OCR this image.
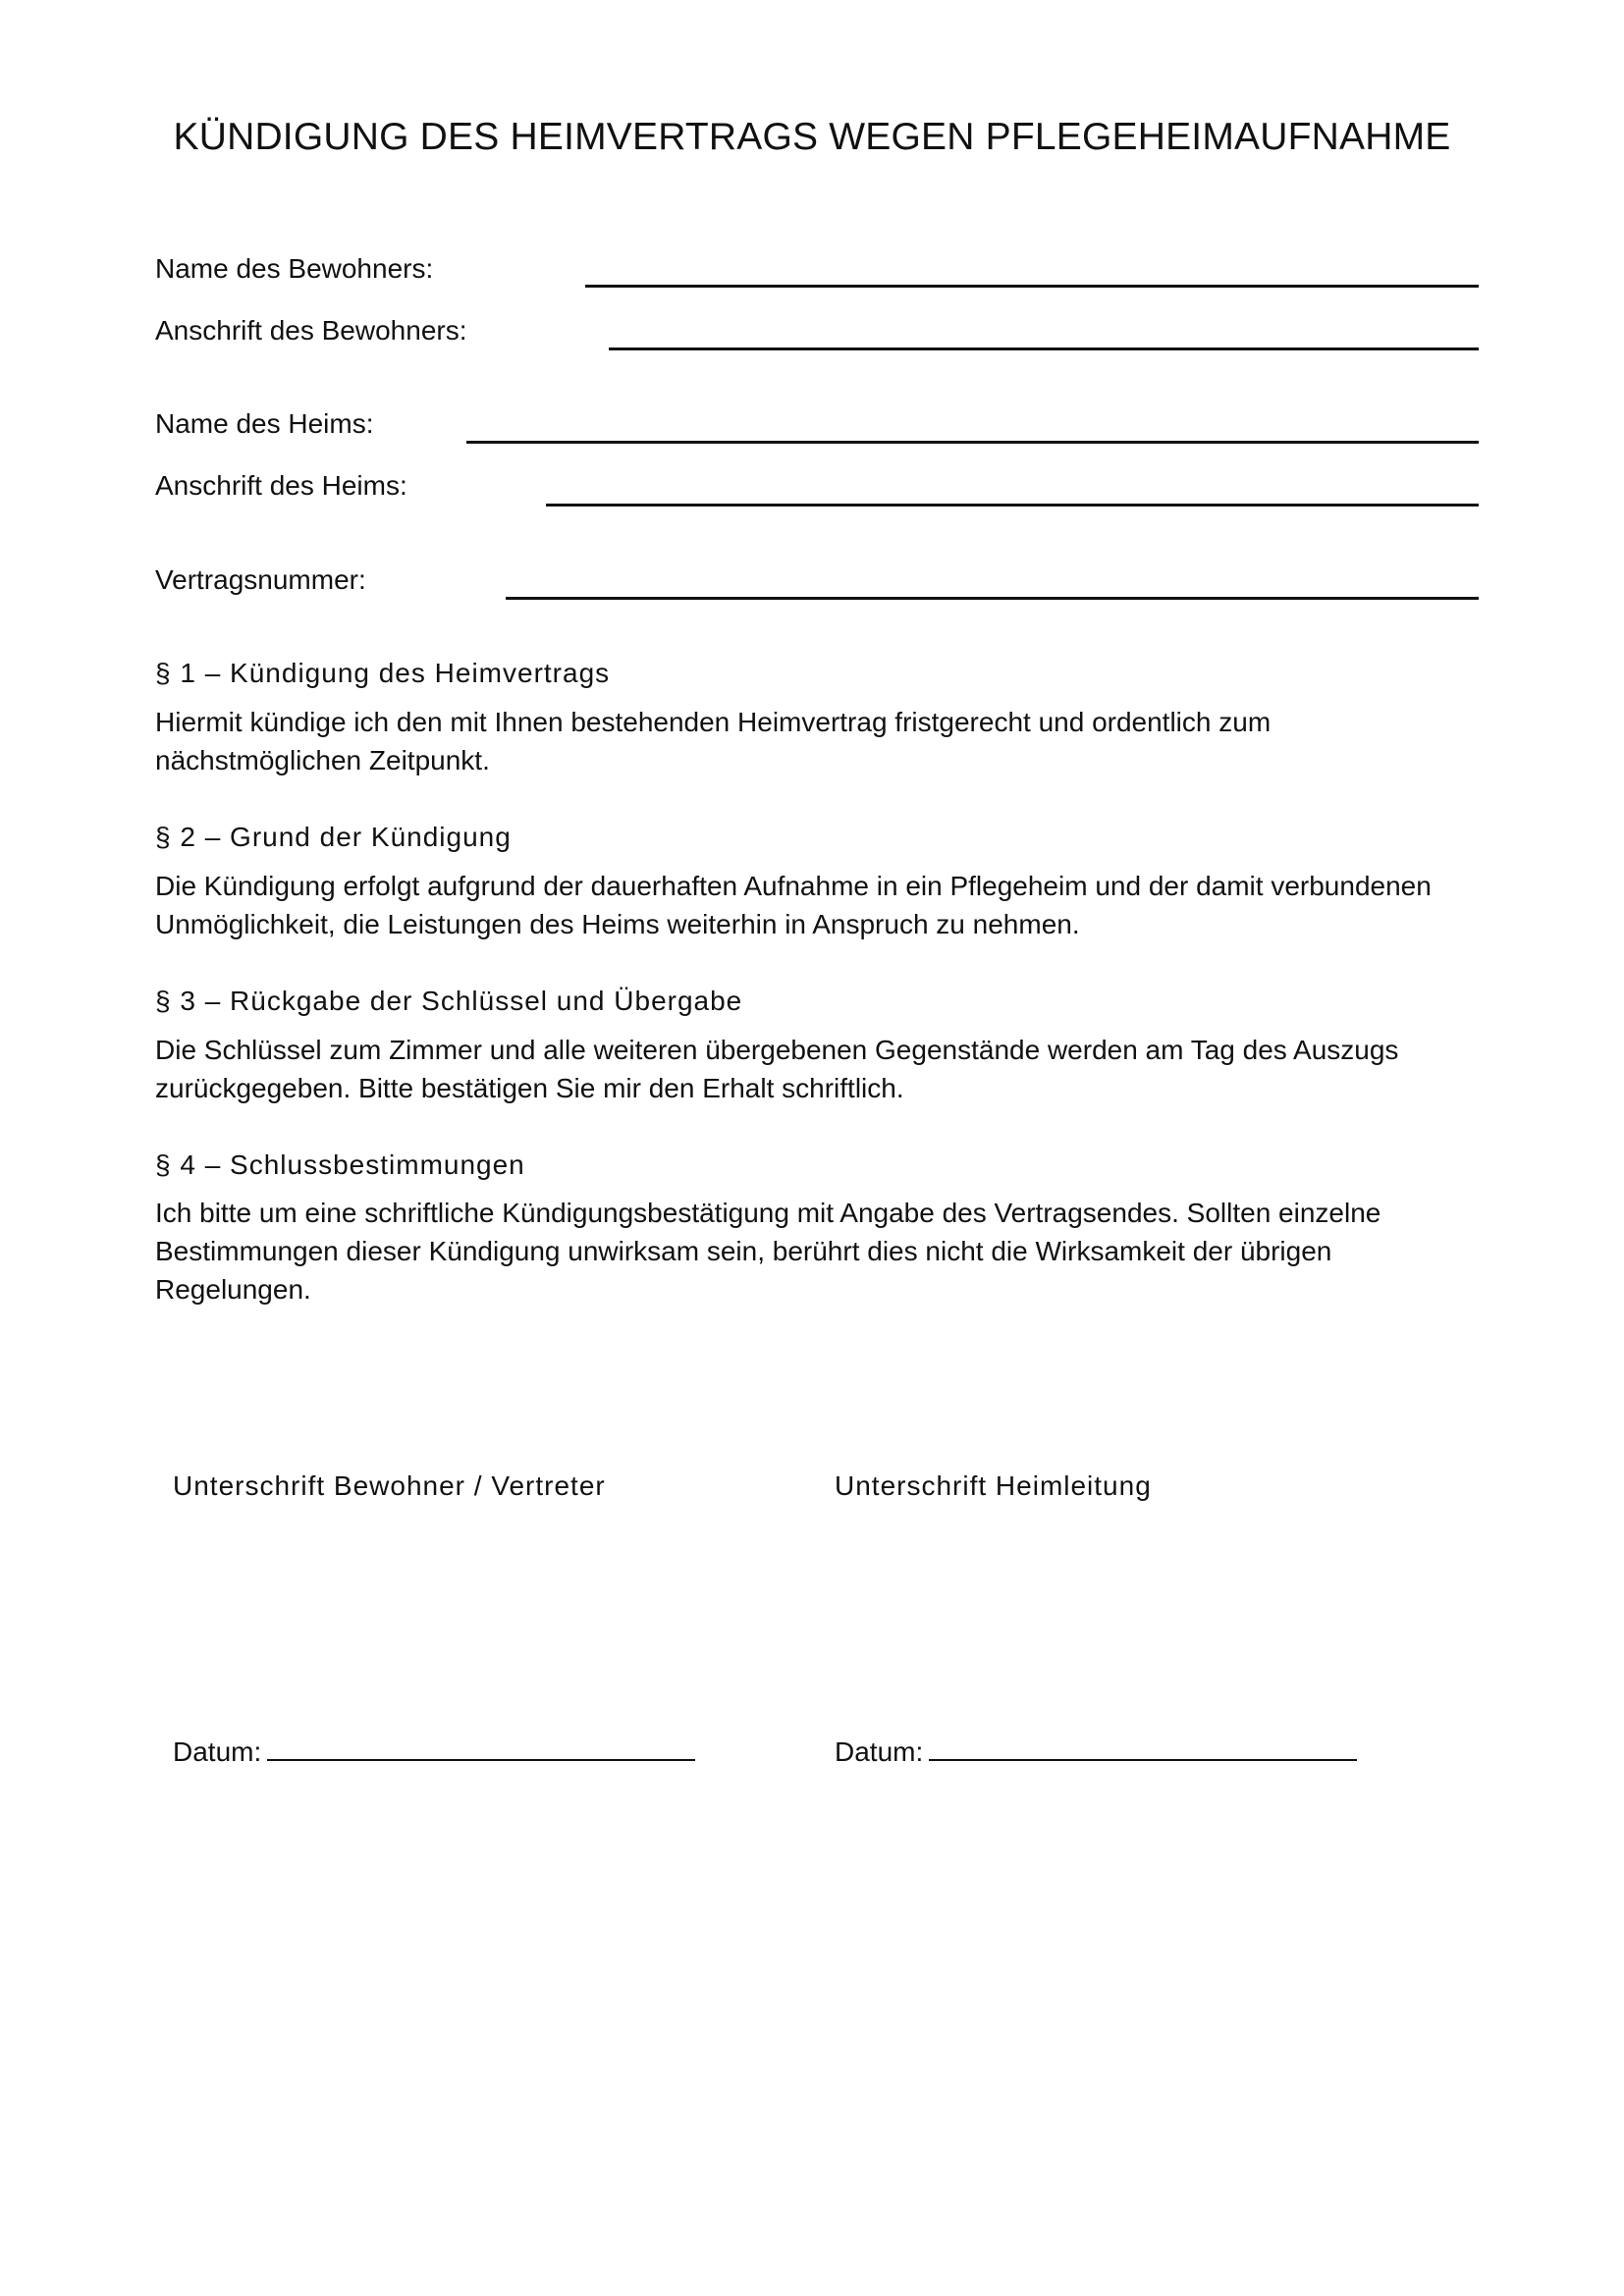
KÜNDIGUNG DES HEIMVERTRAGS WEGEN PFLEGEHEIMAUFNAHME
Name des Bewohners:
Anschrift des Bewohners:
Name des Heims:
Anschrift des Heims:
Vertragsnummer:
§ 1 – Kündigung des Heimvertrags
Hiermit kündige ich den mit Ihnen bestehenden Heimvertrag fristgerecht und ordentlich zum nächstmöglichen Zeitpunkt.
§ 2 – Grund der Kündigung
Die Kündigung erfolgt aufgrund der dauerhaften Aufnahme in ein Pflegeheim und der damit verbundenen Unmöglichkeit, die Leistungen des Heims weiterhin in Anspruch zu nehmen.
§ 3 – Rückgabe der Schlüssel und Übergabe
Die Schlüssel zum Zimmer und alle weiteren übergebenen Gegenstände werden am Tag des Auszugs zurückgegeben. Bitte bestätigen Sie mir den Erhalt schriftlich.
§ 4 – Schlussbestimmungen
Ich bitte um eine schriftliche Kündigungsbestätigung mit Angabe des Vertragsendes. Sollten einzelne Bestimmungen dieser Kündigung unwirksam sein, berührt dies nicht die Wirksamkeit der übrigen Regelungen.
Unterschrift Bewohner / Vertreter	Unterschrift Heimleitung
Datum:	Datum:
